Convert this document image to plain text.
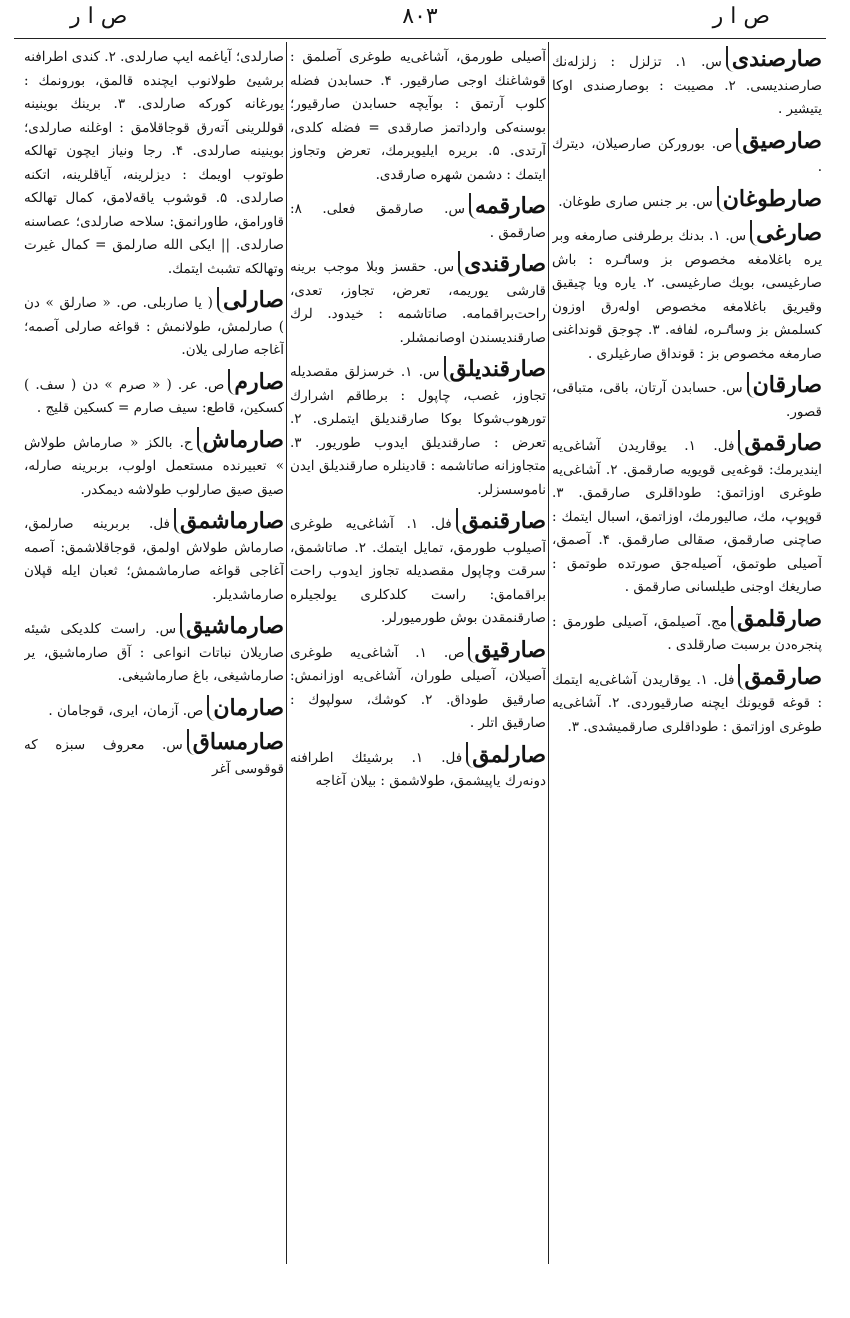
ص ا ر	۸۰۳	ص ا ر
صارصندیس. ۱. تزلزل : زلزله‌نك صارصندیسی. ۲. مصیبت : بوصارصندی اوکا یتیشیر .
صارصیقص. بورورکن صارصیلان، دیترك .
صارطوغانس. بر جنس صاری طوغان.
صارغیس. ۱. بدنك برطرفنی صارمغه وبر یره باغلامغه مخصوص بز وساٸره : باش صارغیسی، بویك صارغیسی. ۲. یاره ویا چیقیق وقیریق باغلامغه مخصوص اولەرق اوزون کسلمش بز وساٸره، لفافه. ۳. چوجق قونداغنی صارمغه مخصوص بز : قونداق صارغیلری .
صارقانس. حسابدن آرتان، باقی، متباقی، قصور.
صارقمقفل. ۱. یوقاریدن آشاغی‌یه ایندیرمك: قوغه‌یی قویویه صارقمق. ۲. آشاغی‌یه طوغری اوزاتمق: طوداقلری صارقمق. ۳. قوپوپ، مك، صالیورمك، اوزاتمق، اسبال ایتمك : صاچنی صارقمق، صقالی صارقمق. ۴. آصمق، آصیلی طوتمق، آصیله‌جق صورتده طوتمق : صاریغك اوجنی طیلسانی صارقمق .
صارقلمقمج. آصیلمق، آصیلی طورمق : پنجره‌دن برسبت صارقلدی .
صارقمقفل. ۱. یوقاریدن آشاغی‌یه ایتمك : قوغه قویونك ایچنه صارقیوردی. ۲. آشاغی‌یه طوغری اوزاتمق : طوداقلری صارقمیشدی. ۳.
آصیلی طورمق، آشاغی‌یه طوغری آصلمق : قوشاغنك اوجی صارقیور. ۴. حسابدن فضله کلوب آرتمق : بوآیچه حسابدن صارقیور؛ بوسنه‌کی وارداتمز صارقدی = فضله کلدی، آرتدی. ۵. بریره ایلیویرمك، تعرض وتجاوز ایتمك : دشمن شهره صارقدی.
صارقمهس. صارقمق فعلی. ۸: صارقمق .
صارقندیس. حقسز وبلا موجب برینه قارشی یوریمه، تعرض، تجاوز، تعدی، راحت‌براقمامه. صاتاشمه : خیدود. لرك صارقندیسندن اوصانمشلر.
صارقندیلقس. ۱. خرسزلق مقصدیله تجاوز، غصب، چاپول : برطاقم اشرارك تورهوب‌شوکا بوکا صارقندیلق ایتملری. ۲. تعرض : صارقندیلق ایدوب طوریور. ۳. متجاوزانه صاتاشمه : قادینلره صارقندیلق ایدن ناموسسزلر.
صارقنمقفل. ۱. آشاغی‌یه طوغری آصیلوب طورمق، تمایل ایتمك. ۲. صاتاشمق، سرقت وچاپول مقصدیله تجاوز ایدوب راحت براقمامق: راست کلدکلری یولجیلره صارقنمقدن بوش طورمیورلر.
صارقیقص. ۱. آشاغی‌یه طوغری آصیلان، آصیلی طوران، آشاغی‌یه اوزانمش: صارقیق طوداق. ۲. کوشك، سولپوك : صارقیق اتلر .
صارلمقفل. ۱. برشیئك اطرافنه دونەرك یاپیشمق، طولاشمق : بیلان آغاجه
صارلدی؛ آیاغمه ایپ صارلدی. ۲. کندی اطرافنه برشیئ طولانوب ایچنده قالمق، بورونمك : یورغانه کورکه صارلدی. ۳. برینك بوینینه قوللرینی آتەرق قوجاقلامق : اوغلنه صارلدی؛ بوینینه صارلدی. ۴. رجا ونیاز ایچون تهالکه طوتوب اویمك : دیزلرینه، آیاقلرینه، اتکنه صارلدی. ۵. قوشوب یاقه‌لامق، کمال تهالکه قاورامق، طاورانمق: سلاحه صارلدی؛ عصاسنه صارلدی. || ایکی الله صارلمق = کمال غیرت وتهالکه تشبث ایتمك.
صارلی( یا صاربلی. ص. « صارلق » دن ) صارلمش، طولانمش : قواغه صارلی آصمه؛ آغاجه صارلی یلان.
صارمص. عر. ( « صرم » دن ( سف. ) کسکین، قاطع: سیف صارم = کسکین قلیج .
صارماشح. بالکز « صارماش طولاش » تعبیرنده مستعمل اولوب، بربرینه صارله، صیق صیق صارلوب طولاشه دیمکدر.
صارماشمقفل. بربرینه صارلمق، صارماش طولاش اولمق، قوجاقلاشمق: آصمه آغاجی قواغه صارماشمش؛ ثعبان ایله قپلان صارماشدیلر.
صارماشیقس. راست کلدیکی شیئه صاریلان نباتات انواعی : آق صارماشیق، یر صارماشیغی، باغ صارماشیغی.
صارمانص. آزمان، ایری، قوجامان .
صارمساقس. معروف سبزه که قوقوسی آغر
